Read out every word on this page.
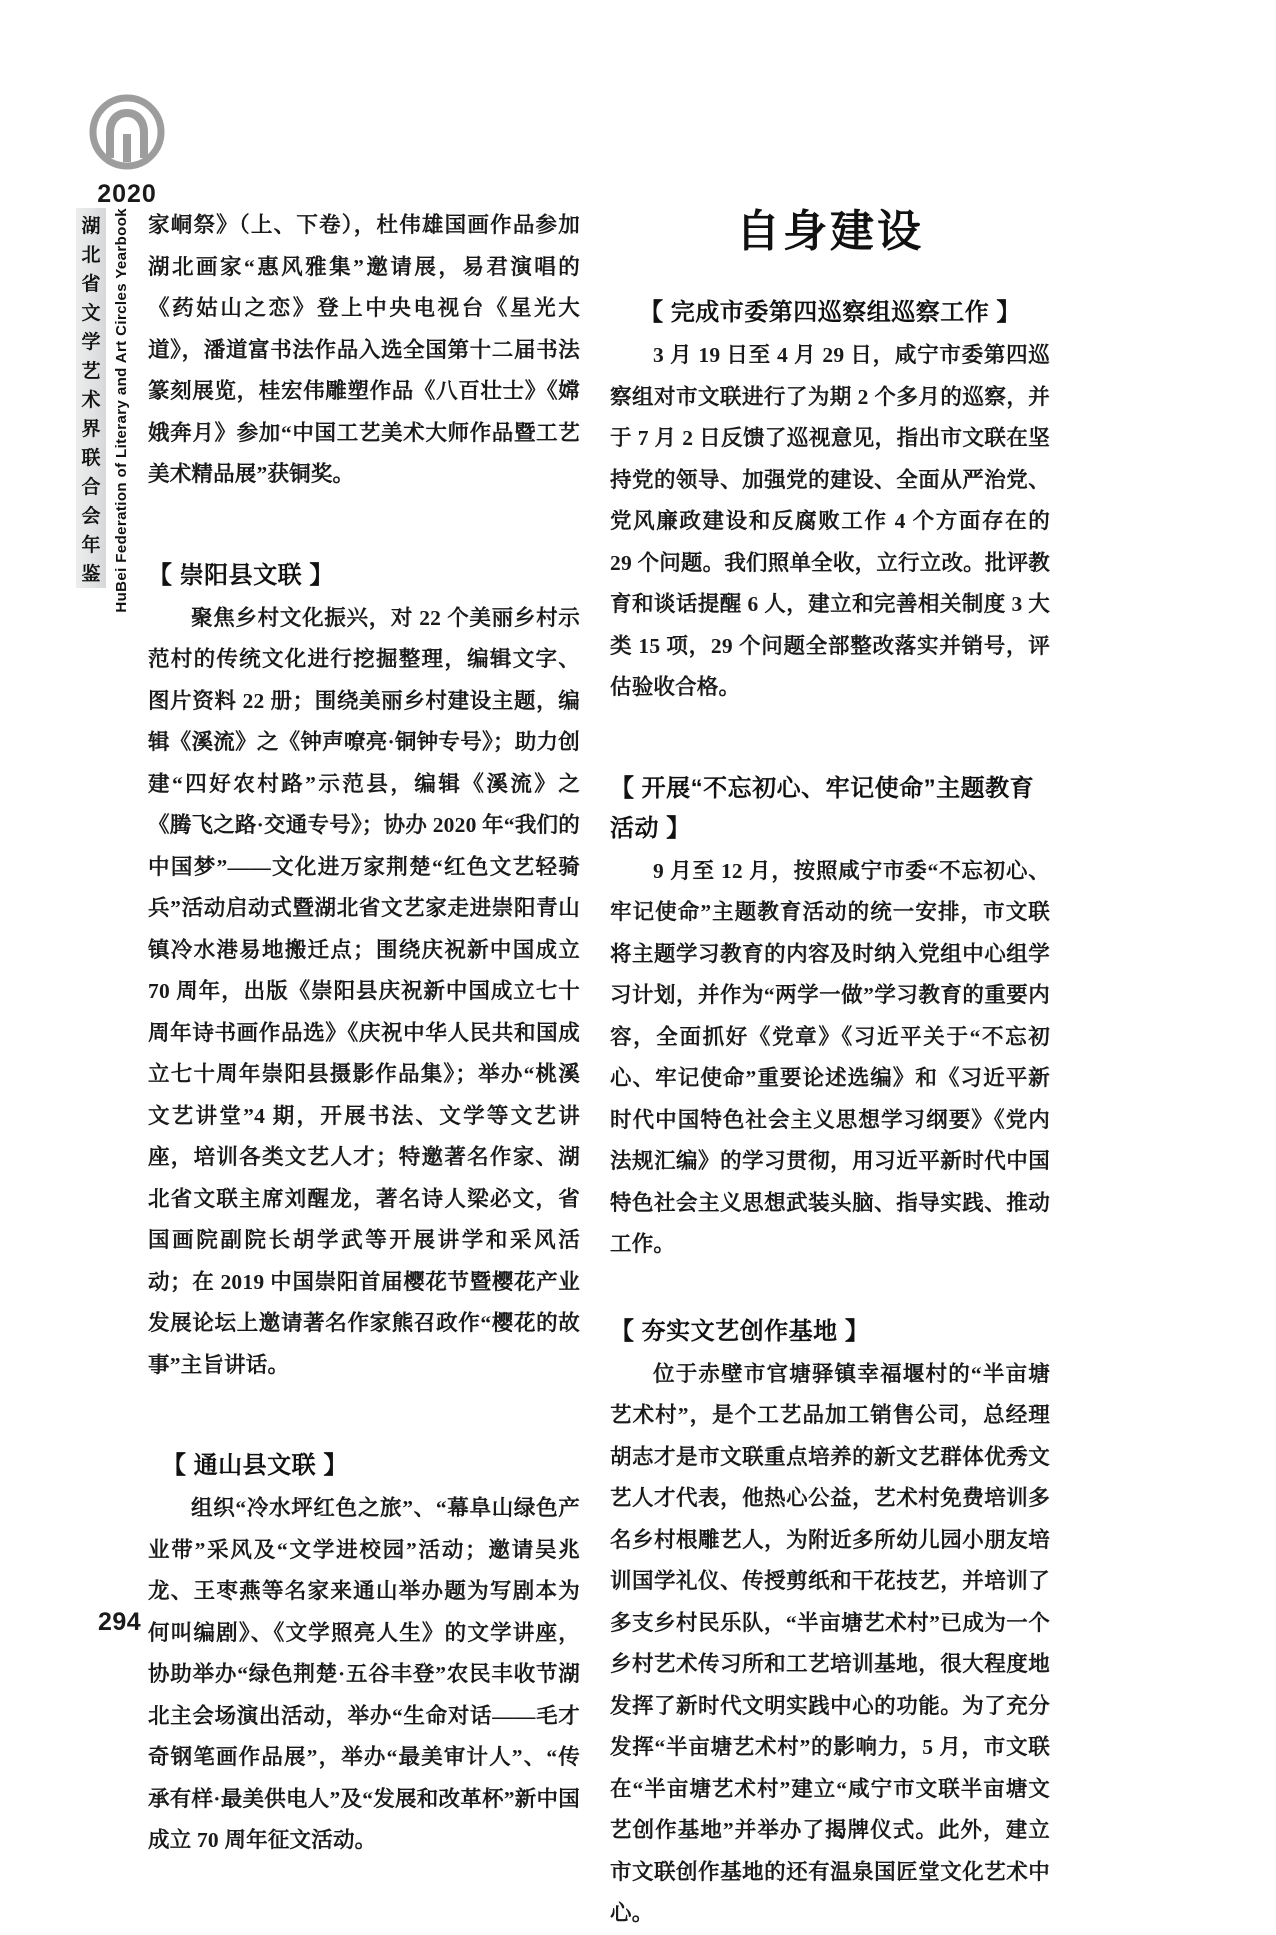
2020
湖
北
省
文
学
艺
术
界
联
合
会
年
鉴 HuBei Federation of Literary and Art Circles Yearbook 家峒祭》（上、下卷），杜伟雄国画作品参加湖北画家“惠风雅集”邀请展，易君演唱的《药姑山之恋》登上中央电视台《星光大道》，潘道富书法作品入选全国第十二届书法篆刻展览，桂宏伟雕塑作品《八百壮士》《嫦娥奔月》参加“中国工艺美术大师作品暨工艺美术精品展”获铜奖。

【 崇阳县文联 】

聚焦乡村文化振兴，对 22 个美丽乡村示范村的传统文化进行挖掘整理，编辑文字、图片资料 22 册；围绕美丽乡村建设主题，编辑《溪流》之《钟声嘹亮·铜钟专号》；助力创建“四好农村路”示范县，编辑《溪流》之《腾飞之路·交通专号》；协办 2020 年“我们的中国梦”——文化进万家荆楚“红色文艺轻骑兵”活动启动式暨湖北省文艺家走进崇阳青山镇冷水港易地搬迁点；围绕庆祝新中国成立 70 周年，出版《崇阳县庆祝新中国成立七十周年诗书画作品选》《庆祝中华人民共和国成立七十周年崇阳县摄影作品集》；举办“桃溪文艺讲堂”4 期，开展书法、文学等文艺讲座，培训各类文艺人才；特邀著名作家、湖北省文联主席刘醒龙，著名诗人梁必文，省国画院副院长胡学武等开展讲学和采风活动；在 2019 中国崇阳首届樱花节暨樱花产业发展论坛上邀请著名作家熊召政作“樱花的故事”主旨讲话。

【 通山县文联 】

组织“冷水坪红色之旅”、“幕阜山绿色产业带”采风及“文学进校园”活动；邀请吴兆龙、王枣燕等名家来通山举办题为写剧本为何叫编剧》、《文学照亮人生》的文学讲座，协助举办“绿色荆楚·五谷丰登”农民丰收节湖北主会场演出活动，举办“生命对话——毛才奇钢笔画作品展”，举办“最美审计人”、“传承有样·最美供电人”及“发展和改革杯”新中国成立 70 周年征文活动。

自身建设
【 完成市委第四巡察组巡察工作 】

3 月 19 日至 4 月 29 日，咸宁市委第四巡察组对市文联进行了为期 2 个多月的巡察，并于 7 月 2 日反馈了巡视意见，指出市文联在坚持党的领导、加强党的建设、全面从严治党、党风廉政建设和反腐败工作 4 个方面存在的 29 个问题。我们照单全收，立行立改。批评教育和谈话提醒 6 人，建立和完善相关制度 3 大类 15 项，29 个问题全部整改落实并销号，评估验收合格。

【 开展“不忘初心、牢记使命”主题教育活动 】

9 月至 12 月，按照咸宁市委“不忘初心、牢记使命”主题教育活动的统一安排，市文联将主题学习教育的内容及时纳入党组中心组学习计划，并作为“两学一做”学习教育的重要内容，全面抓好《党章》《习近平关于“不忘初心、牢记使命”重要论述选编》和《习近平新时代中国特色社会主义思想学习纲要》《党内法规汇编》的学习贯彻，用习近平新时代中国特色社会主义思想武装头脑、指导实践、推动工作。

【 夯实文艺创作基地 】

位于赤壁市官塘驿镇幸福堰村的“半亩塘艺术村”，是个工艺品加工销售公司，总经理胡志才是市文联重点培养的新文艺群体优秀文艺人才代表，他热心公益，艺术村免费培训多名乡村根雕艺人，为附近多所幼儿园小朋友培训国学礼仪、传授剪纸和干花技艺，并培训了多支乡村民乐队，“半亩塘艺术村”已成为一个乡村艺术传习所和工艺培训基地，很大程度地发挥了新时代文明实践中心的功能。为了充分发挥“半亩塘艺术村”的影响力，5 月，市文联在“半亩塘艺术村”建立“咸宁市文联半亩塘文艺创作基地”并举办了揭牌仪式。此外，建立市文联创作基地的还有温泉国匠堂文化艺术中心。

294
